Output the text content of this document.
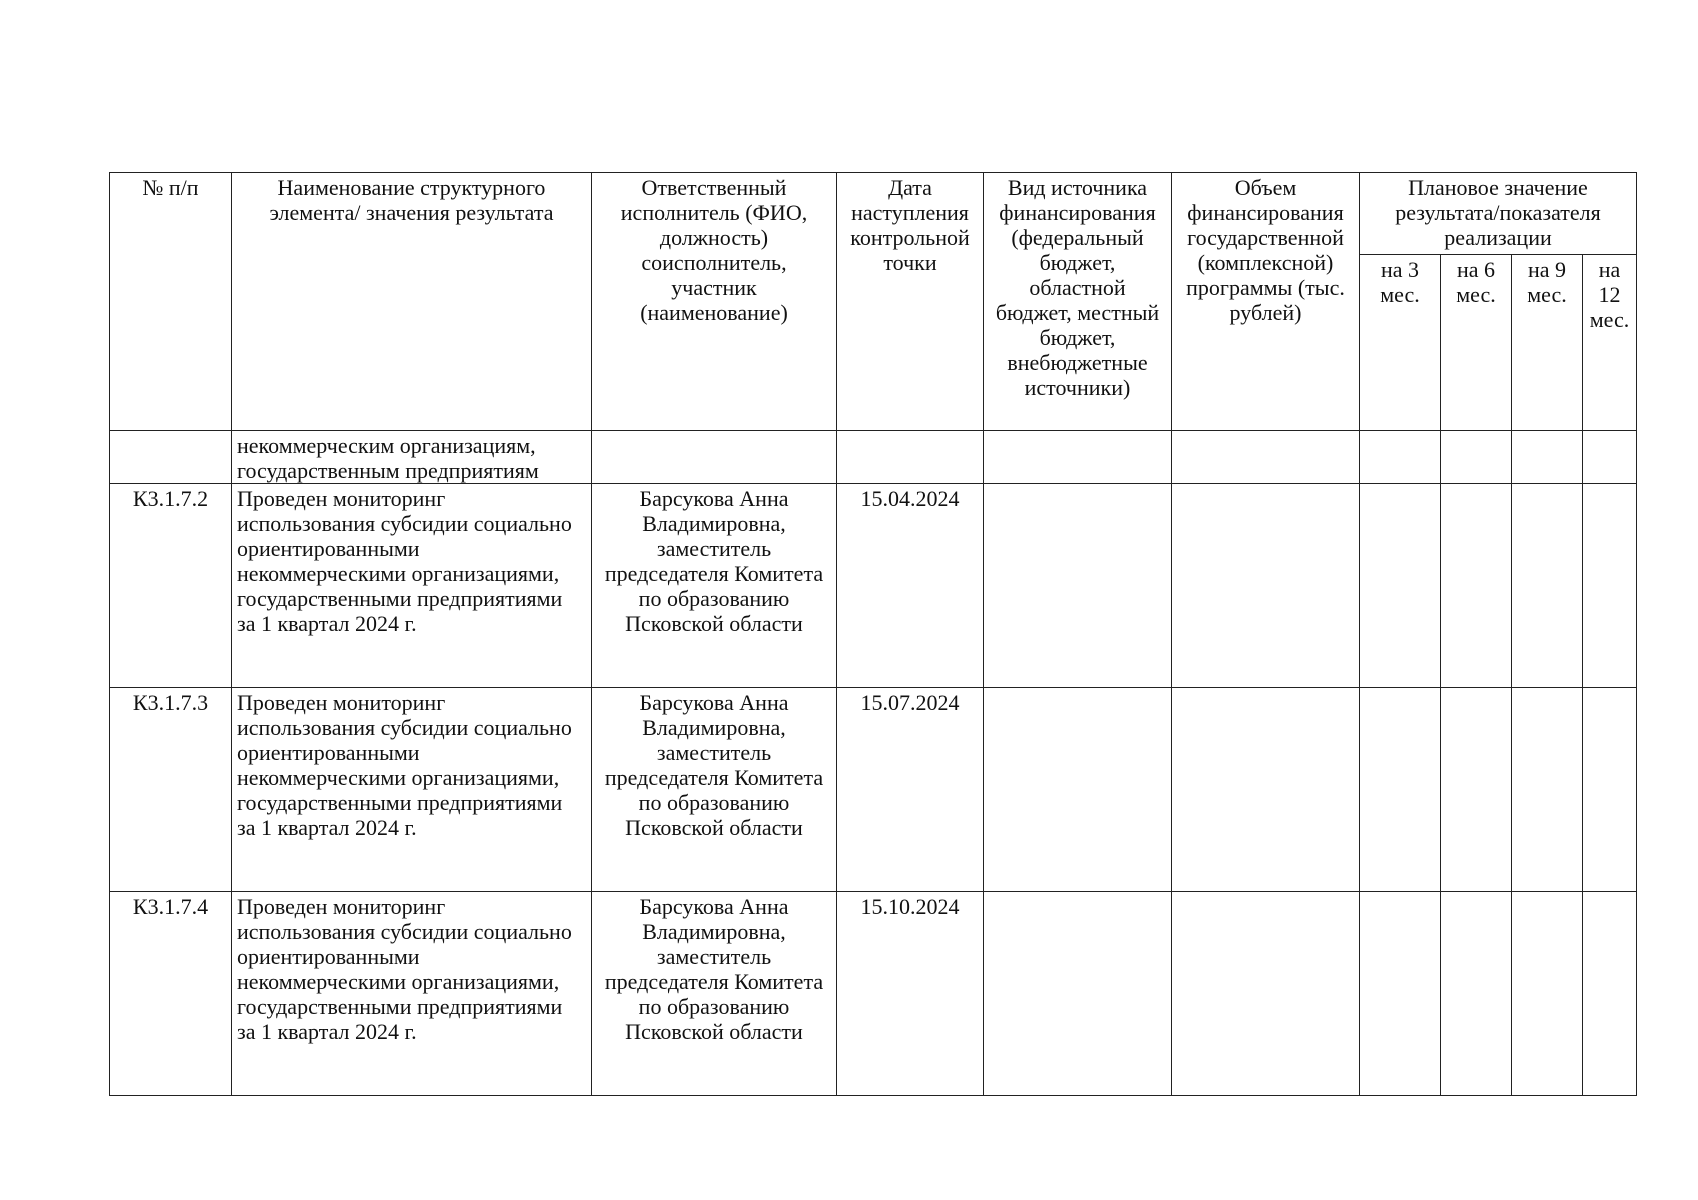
№ п/п	Наименование структурного элемента/ значения результата	Ответственный исполнитель (ФИО, должность) соисполнитель, участник (наименование)	Дата наступления контрольной точки	Вид источника финансирования (федеральный бюджет, областной бюджет, местный бюджет, внебюджетные источники)	Объем финансирования государственной (комплексной) программы (тыс. рублей)	Плановое значение результата/показателя реализации			
						на 3 мес.	на 6 мес.	на 9 мес.	на 12 мес.
	некоммерческим организациям, государственным предприятиям								
К3.1.7.2	Проведен мониторинг использования субсидии социально ориентированными некоммерческими организациями, государственными предприятиями за 1 квартал 2024 г.	Барсукова Анна Владимировна, заместитель председателя Комитета по образованию Псковской области	15.04.2024						
К3.1.7.3	Проведен мониторинг использования субсидии социально ориентированными некоммерческими организациями, государственными предприятиями за 1 квартал 2024 г.	Барсукова Анна Владимировна, заместитель председателя Комитета по образованию Псковской области	15.07.2024						
К3.1.7.4	Проведен мониторинг использования субсидии социально ориентированными некоммерческими организациями, государственными предприятиями за 1 квартал 2024 г.	Барсукова Анна Владимировна, заместитель председателя Комитета по образованию Псковской области	15.10.2024						
